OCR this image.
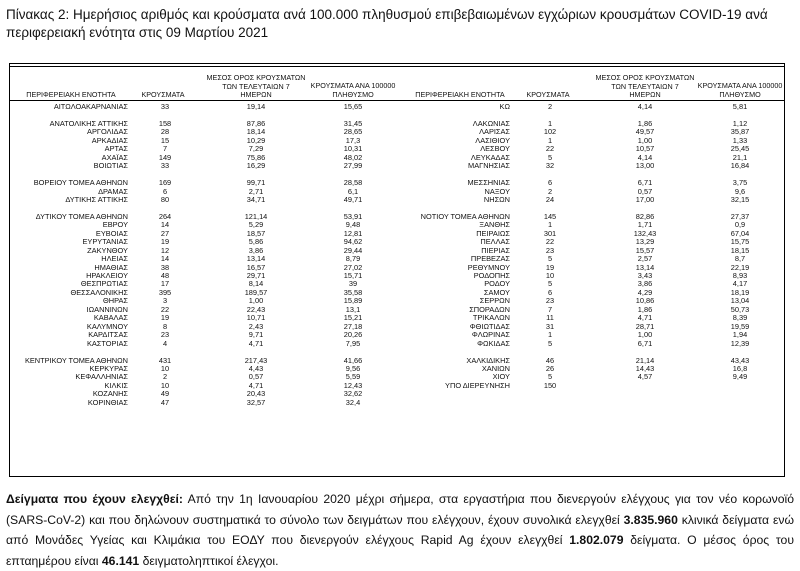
Πίνακας 2: Ημερήσιος αριθμός και κρούσματα ανά 100.000 πληθυσμού επιβεβαιωμένων εγχώριων κρουσμάτων COVID-19 ανά περιφερειακή ενότητα στις 09 Μαρτίου 2021
ΠΕΡΙΦΕΡΕΙΑΚΗ ΕΝΟΤΗΤΑ	ΚΡΟΥΣΜΑΤΑ
ΜΕΣΟΣ ΟΡΟΣ ΚΡΟΥΣΜΑΤΩΝ ΤΩΝ ΤΕΛΕΥΤΑΙΩΝ 7 ΗΜΕΡΩΝ
ΚΡΟΥΣΜΑΤΑ ΑΝΑ 100000 ΠΛΗΘΥΣΜΟ	ΠΕΡΙΦΕΡΕΙΑΚΗ ΕΝΟΤΗΤΑ	ΚΡΟΥΣΜΑΤΑ
ΜΕΣΟΣ ΟΡΟΣ ΚΡΟΥΣΜΑΤΩΝ ΤΩΝ ΤΕΛΕΥΤΑΙΩΝ 7 ΗΜΕΡΩΝ
ΚΡΟΥΣΜΑΤΑ ΑΝΑ 100000 ΠΛΗΘΥΣΜΟ
ΑΙΤΩΛΟΑΚΑΡΝΑΝΙΑΣ	33	19,14	15,65
ΑΝΑΤΟΛΙΚΗΣ ΑΤΤΙΚΗΣ	158	87,86	31,45
ΑΡΓΟΛΙΔΑΣ	28	18,14	28,65
ΑΡΚΑΔΙΑΣ	15	10,29	17,3
ΑΡΤΑΣ	7	7,29	10,31
ΑΧΑΪΑΣ	149	75,86	48,02
ΒΟΙΩΤΙΑΣ	33	16,29	27,99
ΒΟΡΕΙΟΥ ΤΟΜΕΑ ΑΘΗΝΩΝ	169	99,71	28,58
ΔΡΑΜΑΣ	6	2,71	6,1
ΔΥΤΙΚΗΣ ΑΤΤΙΚΗΣ	80	34,71	49,71
ΔΥΤΙΚΟΥ ΤΟΜΕΑ ΑΘΗΝΩΝ	264	121,14	53,91
ΕΒΡΟΥ	14	5,29	9,48
ΕΥΒΟΙΑΣ	27	18,57	12,81
ΕΥΡΥΤΑΝΙΑΣ	19	5,86	94,62
ΖΑΚΥΝΘΟΥ	12	3,86	29,44
ΗΛΕΙΑΣ	14	13,14	8,79
ΗΜΑΘΙΑΣ	38	16,57	27,02
ΗΡΑΚΛΕΙΟΥ	48	29,71	15,71
ΘΕΣΠΡΩΤΙΑΣ	17	8,14	39
ΘΕΣΣΑΛΟΝΙΚΗΣ	395	189,57	35,58
ΘΗΡΑΣ	3	1,00	15,89
ΙΩΑΝΝΙΝΩΝ	22	22,43	13,1
ΚΑΒΑΛΑΣ	19	10,71	15,21
ΚΑΛΥΜΝΟΥ	8	2,43	27,18
ΚΑΡΔΙΤΣΑΣ	23	9,71	20,26
ΚΑΣΤΟΡΙΑΣ	4	4,71	7,95
ΚΕΝΤΡΙΚΟΥ ΤΟΜΕΑ ΑΘΗΝΩΝ	431	217,43	41,66
ΚΕΡΚΥΡΑΣ	10	4,43	9,56
ΚΕΦΑΛΛΗΝΙΑΣ	2	0,57	5,59
ΚΙΛΚΙΣ	10	4,71	12,43
ΚΟΖΑΝΗΣ	49	20,43	32,62
ΚΟΡΙΝΘΙΑΣ	47	32,57	32,4
ΚΩ	2	4,14	5,81
ΛΑΚΩΝΙΑΣ	1	1,86	1,12
ΛΑΡΙΣΑΣ	102	49,57	35,87
ΛΑΣΙΘΙΟΥ	1	1,00	1,33
ΛΕΣΒΟΥ	22	10,57	25,45
ΛΕΥΚΑΔΑΣ	5	4,14	21,1
ΜΑΓΝΗΣΙΑΣ	32	13,00	16,84
ΜΕΣΣΗΝΙΑΣ	6	6,71	3,75
ΝΑΞΟΥ	2	0,57	9,6
ΝΗΣΩΝ	24	17,00	32,15
ΝΟΤΙΟΥ ΤΟΜΕΑ ΑΘΗΝΩΝ	145	82,86	27,37
ΞΑΝΘΗΣ	1	1,71	0,9
ΠΕΙΡΑΙΩΣ	301	132,43	67,04
ΠΕΛΛΑΣ	22	13,29	15,75
ΠΙΕΡΙΑΣ	23	15,57	18,15
ΠΡΕΒΕΖΑΣ	5	2,57	8,7
ΡΕΘΥΜΝΟΥ	19	13,14	22,19
ΡΟΔΟΠΗΣ	10	3,43	8,93
ΡΟΔΟΥ	5	3,86	4,17
ΣΑΜΟΥ	6	4,29	18,19
ΣΕΡΡΩΝ	23	10,86	13,04
ΣΠΟΡΑΔΩΝ	7	1,86	50,73
ΤΡΙΚΑΛΩΝ	11	4,71	8,39
ΦΘΙΩΤΙΔΑΣ	31	28,71	19,59
ΦΛΩΡΙΝΑΣ	1	1,00	1,94
ΦΩΚΙΔΑΣ	5	6,71	12,39
ΧΑΛΚΙΔΙΚΗΣ	46	21,14	43,43
ΧΑΝΙΩΝ	26	14,43	16,8
ΧΙΟΥ	5	4,57	9,49
ΥΠΟ ΔΙΕΡΕΥΝΗΣΗ	150
Δείγματα που έχουν ελεγχθεί: Από την 1η Ιανουαρίου 2020 μέχρι σήμερα, στα εργαστήρια που διενεργούν ελέγχους για τον νέο κορωνοϊό (SARS-CoV-2) και που δηλώνουν συστηματικά το σύνολο των δειγμάτων που ελέγχουν, έχουν συνολικά ελεγχθεί 3.835.960 κλινικά δείγματα ενώ από Μονάδες Υγείας και Κλιμάκια του ΕΟΔΥ που διενεργούν ελέγχους Rapid Ag έχουν ελεγχθεί 1.802.079 δείγματα. Ο μέσος όρος του επταημέρου είναι 46.141 δειγματοληπτικοί έλεγχοι.
